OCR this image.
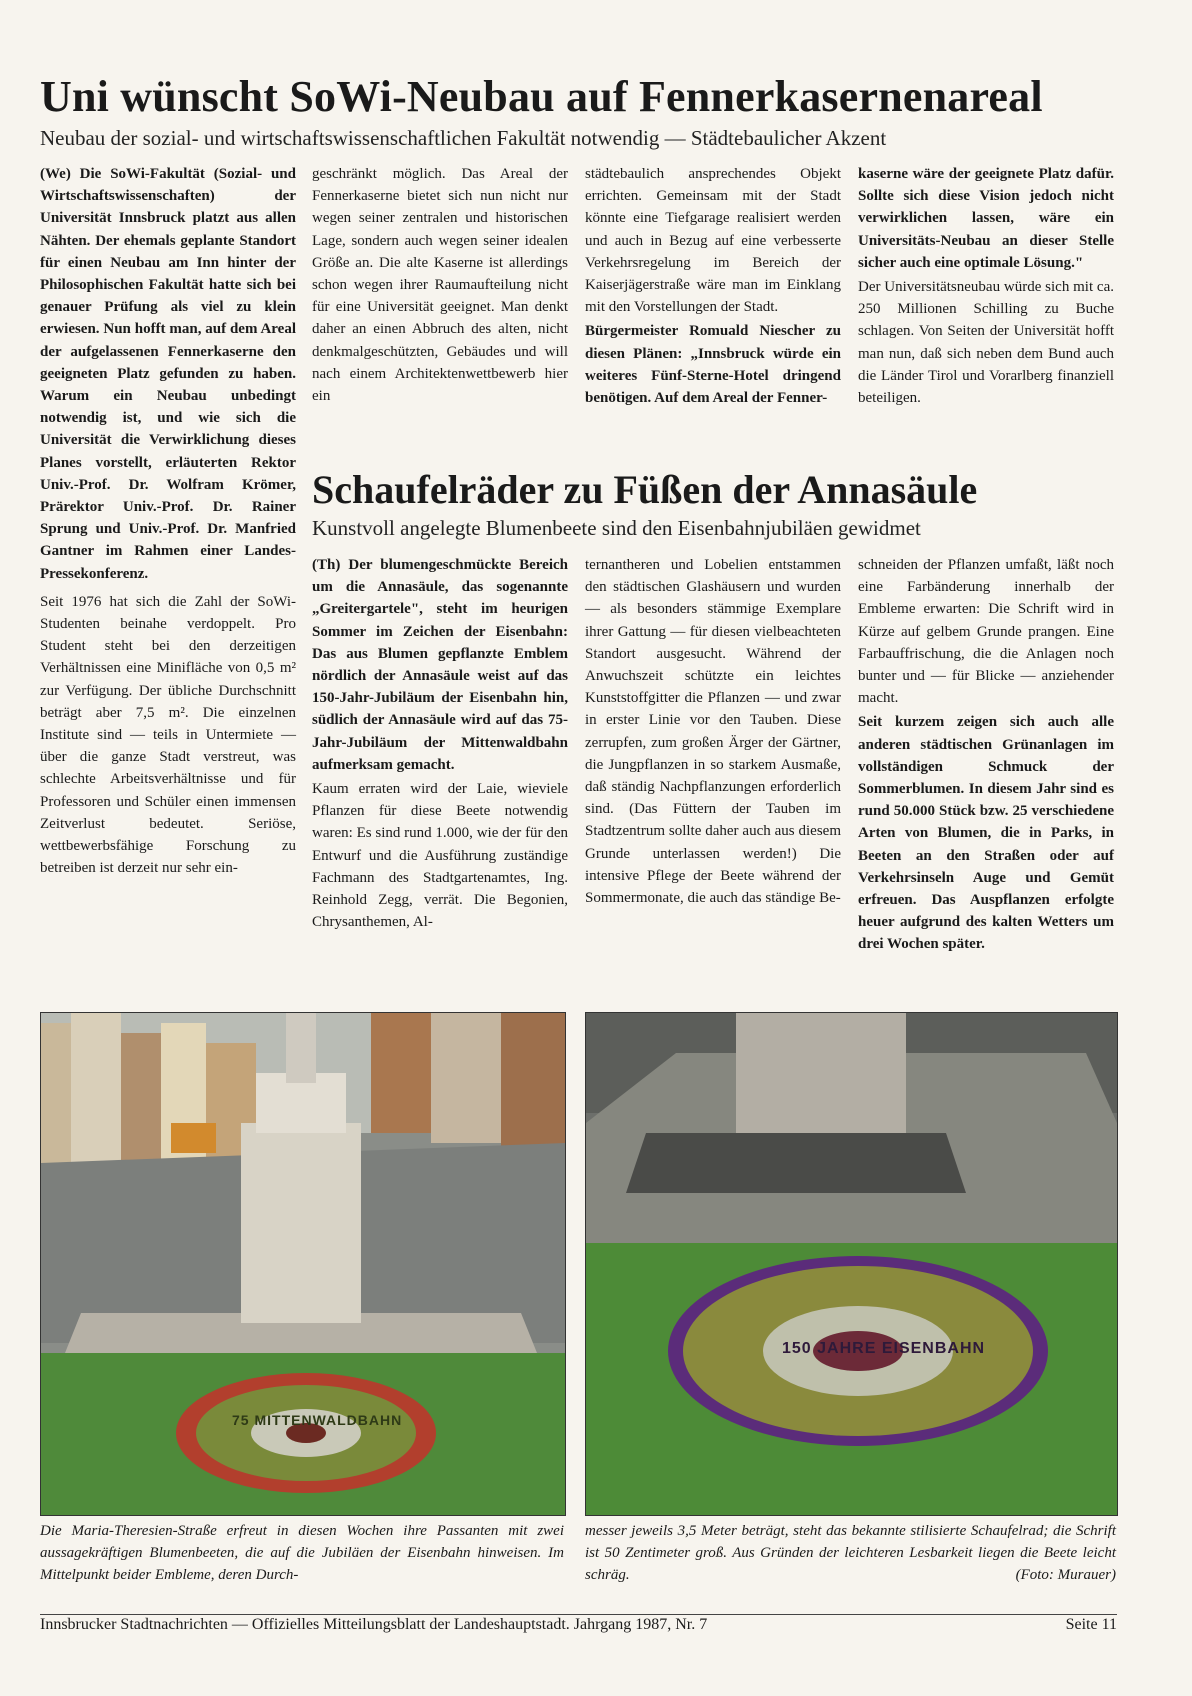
Uni wünscht SoWi-Neubau auf Fennerkasernenareal

Neubau der sozial- und wirtschaftswissenschaftlichen Fakultät notwendig — Städtebaulicher Akzent

(We) Die SoWi-Fakultät (Sozial- und Wirtschaftswissenschaften) der Universität Innsbruck platzt aus allen Nähten. Der ehemals geplante Standort für einen Neubau am Inn hinter der Philosophischen Fakultät hatte sich bei genauer Prüfung als viel zu klein erwiesen. Nun hofft man, auf dem Areal der aufgelassenen Fennerkaserne den geeigneten Platz gefunden zu haben. Warum ein Neubau unbedingt notwendig ist, und wie sich die Universität die Verwirklichung dieses Planes vorstellt, erläuterten Rektor Univ.-Prof. Dr. Wolfram Krömer, Prärektor Univ.-Prof. Dr. Rainer Sprung und Univ.-Prof. Dr. Manfried Gantner im Rahmen einer Landes-Pressekonferenz.

Seit 1976 hat sich die Zahl der SoWi-Studenten beinahe verdoppelt. Pro Student steht bei den derzeitigen Verhältnissen eine Minifläche von 0,5 m² zur Verfügung. Der übliche Durchschnitt beträgt aber 7,5 m². Die einzelnen Institute sind — teils in Untermiete — über die ganze Stadt verstreut, was schlechte Arbeitsverhältnisse und für Professoren und Schüler einen immensen Zeitverlust bedeutet. Seriöse, wettbewerbsfähige Forschung zu betreiben ist derzeit nur sehr ein-

geschränkt möglich. Das Areal der Fennerkaserne bietet sich nun nicht nur wegen seiner zentralen und historischen Lage, sondern auch wegen seiner idealen Größe an. Die alte Kaserne ist allerdings schon wegen ihrer Raumaufteilung nicht für eine Universität geeignet. Man denkt daher an einen Abbruch des alten, nicht denkmalgeschützten, Gebäudes und will nach einem Architektenwettbewerb hier ein

städtebaulich ansprechendes Objekt errichten. Gemeinsam mit der Stadt könnte eine Tiefgarage realisiert werden und auch in Bezug auf eine verbesserte Verkehrsregelung im Bereich der Kaiserjägerstraße wäre man im Einklang mit den Vorstellungen der Stadt.

Bürgermeister Romuald Niescher zu diesen Plänen: „Innsbruck würde ein weiteres Fünf-Sterne-Hotel dringend benötigen. Auf dem Areal der Fenner-

kaserne wäre der geeignete Platz dafür. Sollte sich diese Vision jedoch nicht verwirklichen lassen, wäre ein Universitäts-Neubau an dieser Stelle sicher auch eine optimale Lösung."

Der Universitätsneubau würde sich mit ca. 250 Millionen Schilling zu Buche schlagen. Von Seiten der Universität hofft man nun, daß sich neben dem Bund auch die Länder Tirol und Vorarlberg finanziell beteiligen.

Schaufelräder zu Füßen der Annasäule

Kunstvoll angelegte Blumenbeete sind den Eisenbahnjubiläen gewidmet

(Th) Der blumengeschmückte Bereich um die Annasäule, das sogenannte „Greitergartele", steht im heurigen Sommer im Zeichen der Eisenbahn: Das aus Blumen gepflanzte Emblem nördlich der Annasäule weist auf das 150-Jahr-Jubiläum der Eisenbahn hin, südlich der Annasäule wird auf das 75-Jahr-Jubiläum der Mittenwaldbahn aufmerksam gemacht.

Kaum erraten wird der Laie, wieviele Pflanzen für diese Beete notwendig waren: Es sind rund 1.000, wie der für den Entwurf und die Ausführung zuständige Fachmann des Stadtgartenamtes, Ing. Reinhold Zegg, verrät. Die Begonien, Chrysanthemen, Al-

ternantheren und Lobelien entstammen den städtischen Glashäusern und wurden — als besonders stämmige Exemplare ihrer Gattung — für diesen vielbeachteten Standort ausgesucht. Während der Anwuchszeit schützte ein leichtes Kunststoffgitter die Pflanzen — und zwar in erster Linie vor den Tauben. Diese zerrupfen, zum großen Ärger der Gärtner, die Jungpflanzen in so starkem Ausmaße, daß ständig Nachpflanzungen erforderlich sind. (Das Füttern der Tauben im Stadtzentrum sollte daher auch aus diesem Grunde unterlassen werden!) Die intensive Pflege der Beete während der Sommermonate, die auch das ständige Be-

schneiden der Pflanzen umfaßt, läßt noch eine Farbänderung innerhalb der Embleme erwarten: Die Schrift wird in Kürze auf gelbem Grunde prangen. Eine Farbauffrischung, die die Anlagen noch bunter und — für Blicke — anziehender macht.

Seit kurzem zeigen sich auch alle anderen städtischen Grünanlagen im vollständigen Schmuck der Sommerblumen. In diesem Jahr sind es rund 50.000 Stück bzw. 25 verschiedene Arten von Blumen, die in Parks, in Beeten an den Straßen oder auf Verkehrsinseln Auge und Gemüt erfreuen. Das Auspflanzen erfolgte heuer aufgrund des kalten Wetters um drei Wochen später.

Die Maria-Theresien-Straße erfreut in diesen Wochen ihre Passanten mit zwei aussagekräftigen Blumenbeeten, die auf die Jubiläen der Eisenbahn hinweisen. Im Mittelpunkt beider Embleme, deren Durch-
messer jeweils 3,5 Meter beträgt, steht das bekannte stilisierte Schaufelrad; die Schrift ist 50 Zentimeter groß. Aus Gründen der leichteren Lesbarkeit liegen die Beete leicht schräg.	(Foto: Murauer)
Innsbrucker Stadtnachrichten — Offizielles Mitteilungsblatt der Landeshauptstadt. Jahrgang 1987, Nr. 7	Seite 11
75 MITTENWALDBAHN
150 JAHRE EISENBAHN
